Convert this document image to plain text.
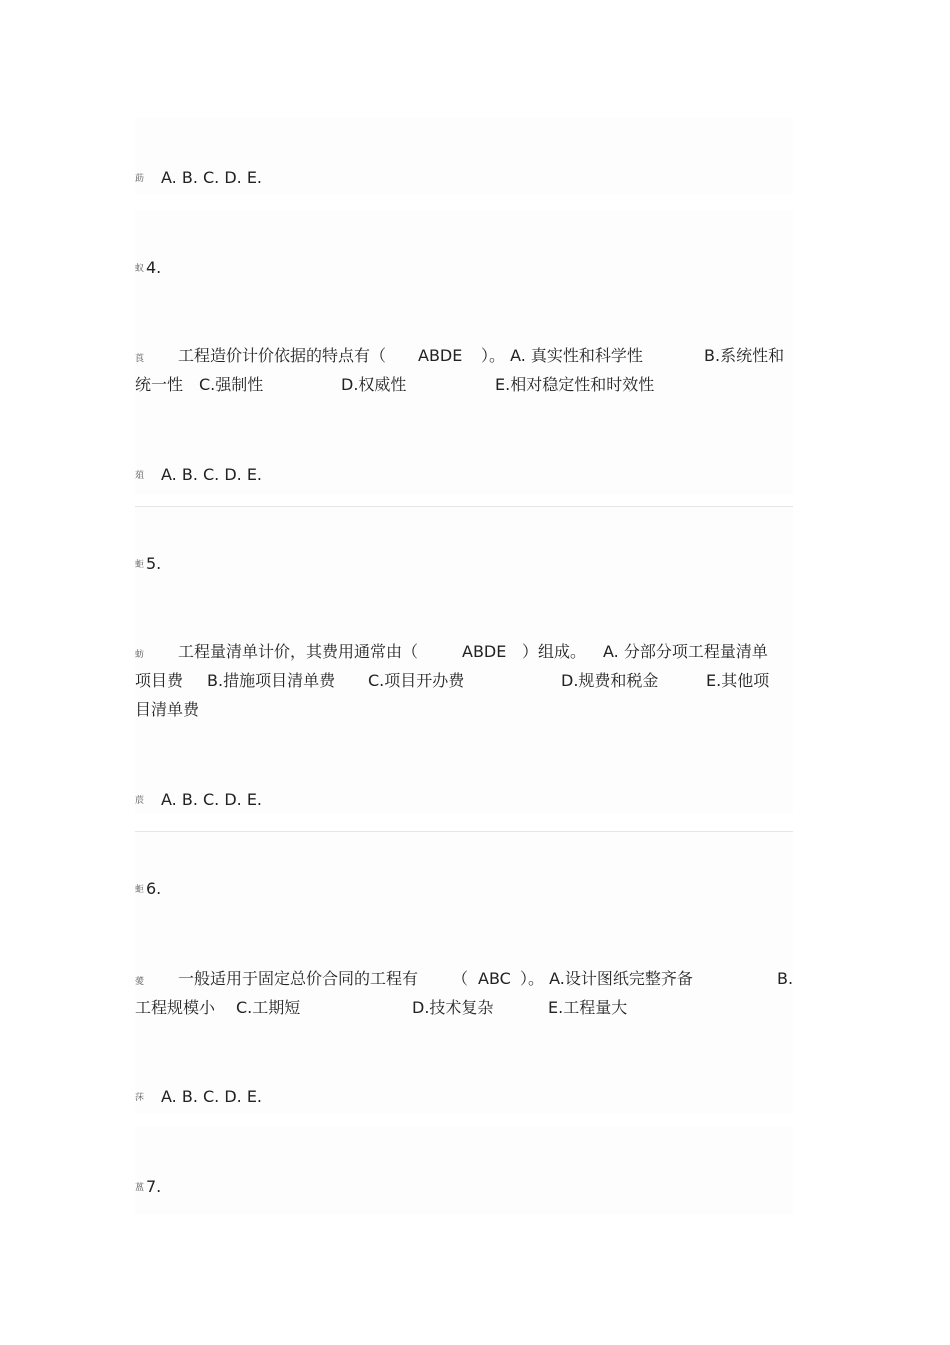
莇 A. B. C. D. E.
蚁 4.
莨	工程造价计价依据的特点有（ ABDE ）。 A. 真实性和科学性	B.系统性和
统一性 C.强制性	D.权威性	E.相对稳定性和时效性
葅 A. B. C. D. E.
蚷 5.
蚄	工程量清单计价，其费用通常由（	ABDE ）组成。 A. 分部分项工程量清单
项目费 B.措施项目清单费 C.项目开办费	D.规费和税金	E.其他项
目清单费
莀 A. B. C. D. E.
蚷 6.
薆	一般适用于固定总价合同的工程有 （ ABC ）。 A.设计图纸完整齐备	B.
工程规模小 C.工期短	D.技术复杂	E.工程量大
莯 A. B. C. D. E.
蒕 7.
